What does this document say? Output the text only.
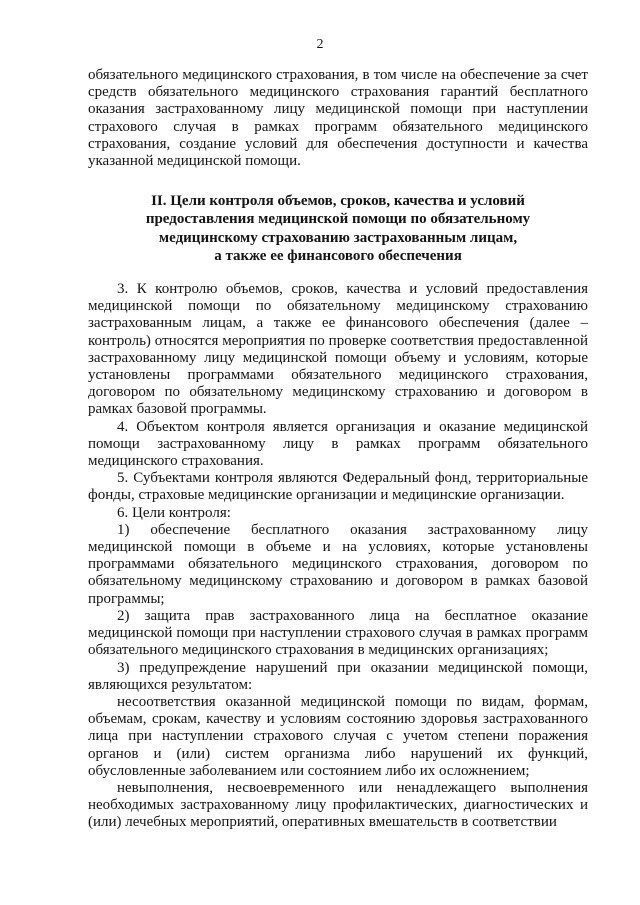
2

обязательного медицинского страхования, в том числе на обеспечение за счет средств обязательного медицинского страхования гарантий бесплатного оказания застрахованному лицу медицинской помощи при наступлении страхового случая в рамках программ обязательного медицинского страхования, создание условий для обеспечения доступности и качества указанной медицинской помощи.

II. Цели контроля объемов, сроков, качества и условий
предоставления медицинской помощи по обязательному
медицинскому страхованию застрахованным лицам,
а также ее финансового обеспечения

3. К контролю объемов, сроков, качества и условий предоставления медицинской помощи по обязательному медицинскому страхованию застрахованным лицам, а также ее финансового обеспечения (далее – контроль) относятся мероприятия по проверке соответствия предоставленной застрахованному лицу медицинской помощи объему и условиям, которые установлены программами обязательного медицинского страхования, договором по обязательному медицинскому страхованию и договором в рамках базовой программы.

4. Объектом контроля является организация и оказание медицинской помощи застрахованному лицу в рамках программ обязательного медицинского страхования.

5. Субъектами контроля являются Федеральный фонд, территориальные фонды, страховые медицинские организации и медицинские организации.

6. Цели контроля:

1) обеспечение бесплатного оказания застрахованному лицу медицинской помощи в объеме и на условиях, которые установлены программами обязательного медицинского страхования, договором по обязательному медицинскому страхованию и договором в рамках базовой программы;

2) защита прав застрахованного лица на бесплатное оказание медицинской помощи при наступлении страхового случая в рамках программ обязательного медицинского страхования в медицинских организациях;

3) предупреждение нарушений при оказании медицинской помощи, являющихся результатом:

несоответствия оказанной медицинской помощи по видам, формам, объемам, срокам, качеству и условиям состоянию здоровья застрахованного лица при наступлении страхового случая с учетом степени поражения органов и (или) систем организма либо нарушений их функций, обусловленные заболеванием или состоянием либо их осложнением;

невыполнения, несвоевременного или ненадлежащего выполнения необходимых застрахованному лицу профилактических, диагностических и (или) лечебных мероприятий, оперативных вмешательств в соответствии
